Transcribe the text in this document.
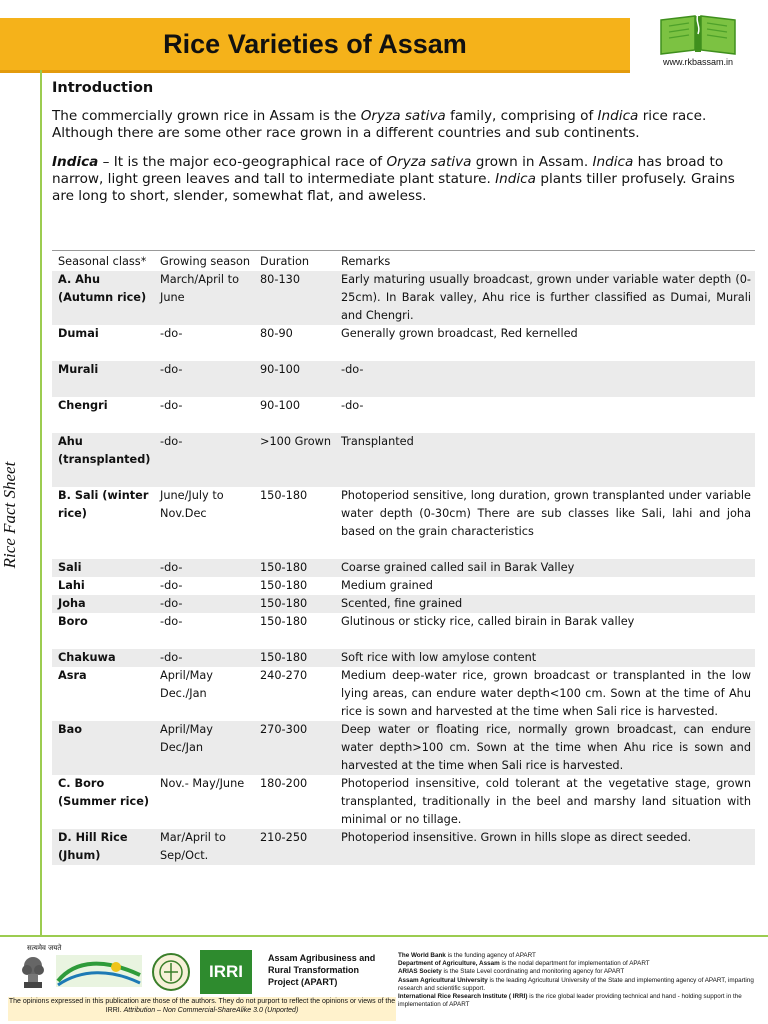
Rice Varieties of Assam
www.rkbassam.in
Rice Fact Sheet
Introduction

The commercially grown rice in Assam is the Oryza sativa family, comprising of Indica rice race. Although there are some other race grown in a different countries and sub continents.

Indica – It is the major eco-geographical race of Oryza sativa grown in Assam. Indica has broad to narrow, light green leaves and tall to intermediate plant stature. Indica plants tiller profusely. Grains are long to short, slender, somewhat flat, and aweless.

Seasonal class*	Growing season	Duration	Remarks
A. Ahu (Autumn rice)	March/April to June	80-130	Early maturing usually broadcast, grown under variable water depth (0-25cm). In Barak valley, Ahu rice is further classified as Dumai, Murali and Chengri.
Dumai	-do-	80-90	Generally grown broadcast, Red kernelled
Murali	-do-	90-100	-do-
Chengri	-do-	90-100	-do-
Ahu (transplanted)	-do-	>100 Grown	Transplanted
B. Sali (winter rice)	June/July to Nov.Dec	150-180	Photoperiod sensitive, long duration, grown transplanted under variable water depth (0-30cm) There are sub classes like Sali, lahi and joha based on the grain characteristics
Sali	-do-	150-180	Coarse grained called sail in Barak Valley
Lahi	-do-	150-180	Medium grained
Joha	-do-	150-180	Scented, fine grained
Boro	-do-	150-180	Glutinous or sticky rice, called birain in Barak valley
Chakuwa	-do-	150-180	Soft rice with low amylose content
Asra	April/May Dec./Jan	240-270	Medium deep-water rice, grown broadcast or transplanted in the low lying areas, can endure water depth<100 cm. Sown at the time of Ahu rice is sown and harvested at the time when Sali rice is harvested.
Bao	April/May Dec/Jan	270-300	Deep water or floating rice, normally grown broadcast, can endure water depth>100 cm. Sown at the time when Ahu rice is sown and harvested at the time when Sali rice is harvested.
C. Boro (Summer rice)	Nov.- May/June	180-200	Photoperiod insensitive, cold tolerant at the vegetative stage, grown transplanted, traditionally in the beel and marshy land situation with minimal or no tillage.
D. Hill Rice (Jhum)	Mar/April to Sep/Oct.	210-250	Photoperiod insensitive. Grown in hills slope as direct seeded.
सत्यमेव जयते
IRRI
Assam Agribusiness and Rural Transformation Project (APART)
The World Bank is the funding agency of APART
Department of Agriculture, Assam is the nodal department for implementation of APART
ARIAS Society is the State Level coordinating and monitoring agency for APART
Assam Agricultural University is the leading Agricultural University of the State and implementing agency of APART, imparting research and scientific support.
International Rice Research Institute ( IRRI) is the rice global leader providing technical and hand - holding support in the implementation of APART
The opinions expressed in this publication are those of the authors. They do not purport to reflect the opinions or views of the IRRI. Attribution – Non Commercial-ShareAlike 3.0 (Unported)
